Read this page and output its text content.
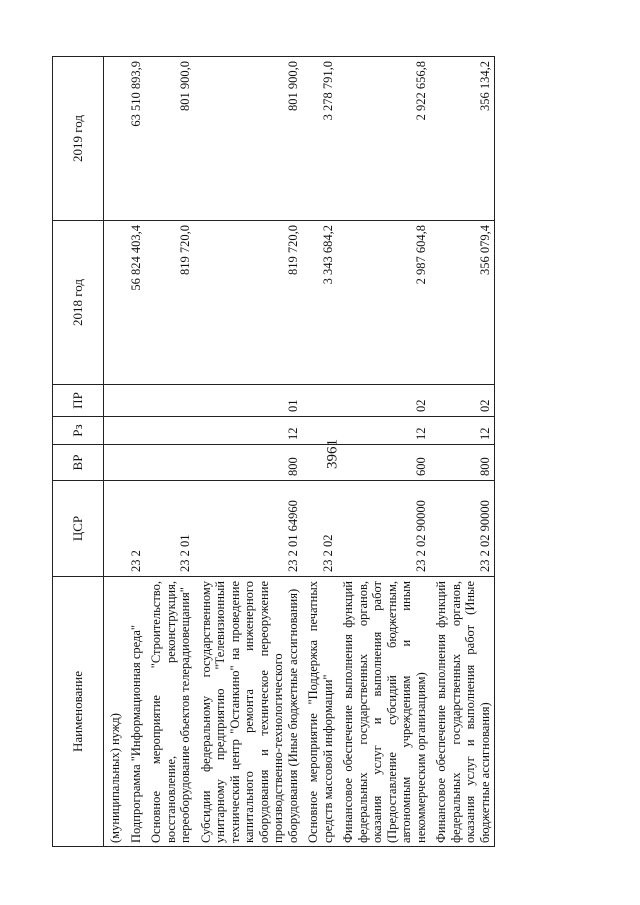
3961
Наименование	ЦСР	ВР	Рз	ПР	2018 год	2019 год
(муниципальных) нужд)						
Подпрограмма "Информационная среда"	23 2				56 824 403,4	63 510 893,9
Основное мероприятие "Строительство, восстановление, реконструкция, переоборудование объектов телерадиовещания"	23 2 01				819 720,0	801 900,0
Субсидии федеральному государственному унитарному предприятию "Телевизионный технический центр "Останкино" на проведение капитального ремонта инженерного оборудования и техническое переоружение производственно-технологического оборудования (Иные бюджетные ассигнования)	23 2 01 64960	800	12	01	819 720,0	801 900,0
Основное мероприятие "Поддержка печатных средств массовой информации"	23 2 02				3 343 684,2	3 278 791,0
Финансовое обеспечение выполнения функций федеральных государственных органов, оказания услуг и выполнения работ (Предоставление субсидий бюджетным, автономным учреждениям и иным некоммерческим организациям)	23 2 02 90000	600	12	02	2 987 604,8	2 922 656,8
Финансовое обеспечение выполнения функций федеральных государственных органов, оказания услуг и выполнения работ (Иные бюджетные ассигнования)	23 2 02 90000	800	12	02	356 079,4	356 134,2
